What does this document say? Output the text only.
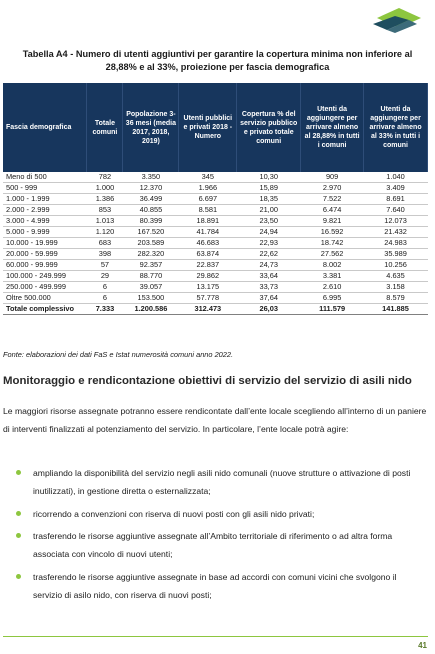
Tabella A4 - Numero di utenti aggiuntivi per garantire la copertura minima non inferiore al 28,88% e al 33%, proiezione per fascia demografica
Fascia demografica	Totale comuni	Popolazione 3-36 mesi (media 2017, 2018, 2019)	Utenti pubblici e privati 2018 - Numero	Copertura % del servizio pubblico e privato totale comuni	Utenti da aggiungere per arrivare almeno al 28,88% in tutti i comuni	Utenti da aggiungere per arrivare almeno al 33% in tutti i comuni
Meno di 500	782	3.350	345	10,30	909	1.040
500 - 999	1.000	12.370	1.966	15,89	2.970	3.409
1.000 - 1.999	1.386	36.499	6.697	18,35	7.522	8.691
2.000 - 2.999	853	40.855	8.581	21,00	6.474	7.640
3.000 - 4.999	1.013	80.399	18.891	23,50	9.821	12.073
5.000 - 9.999	1.120	167.520	41.784	24,94	16.592	21.432
10.000 - 19.999	683	203.589	46.683	22,93	18.742	24.983
20.000 - 59.999	398	282.320	63.874	22,62	27.562	35.989
60.000 - 99.999	57	92.357	22.837	24,73	8.002	10.256
100.000 - 249.999	29	88.770	29.862	33,64	3.381	4.635
250.000 - 499.999	6	39.057	13.175	33,73	2.610	3.158
Oltre 500.000	6	153.500	57.778	37,64	6.995	8.579
Totale complessivo	7.333	1.200.586	312.473	26,03	111.579	141.885
Fonte: elaborazioni dei dati FaS e Istat numerosità comuni anno 2022.
Monitoraggio e rendicontazione obiettivi di servizio del servizio di asili nido

Le maggiori risorse assegnate potranno essere rendicontate dall’ente locale scegliendo all’interno di un paniere di interventi finalizzati al potenziamento del servizio. In particolare, l’ente locale potrà agire:

ampliando la disponibilità del servizio negli asili nido comunali (nuove strutture o attivazione di posti inutilizzati), in gestione diretta o esternalizzata;
ricorrendo a convenzioni con riserva di nuovi posti con gli asili nido privati;
trasferendo le risorse aggiuntive assegnate all’Ambito territoriale di riferimento o ad altra forma associata con vincolo di nuovi utenti;
trasferendo le risorse aggiuntive assegnate in base ad accordi con comuni vicini che svolgono il servizio di asilo nido, con riserva di nuovi posti;
41
